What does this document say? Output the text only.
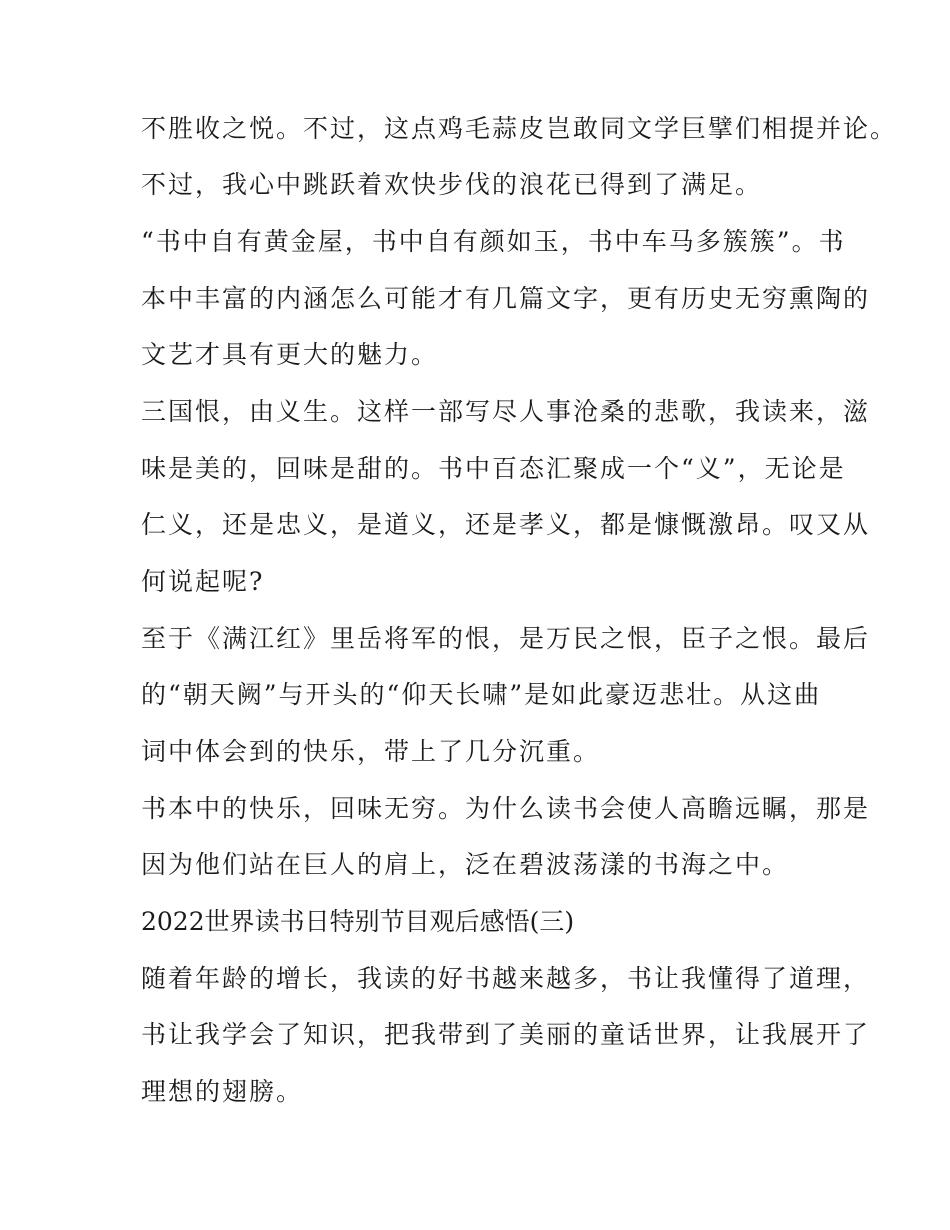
不胜收之悦。不过，这点鸡毛蒜皮岂敢同文学巨擘们相提并论。
不过，我心中跳跃着欢快步伐的浪花已得到了满足。
“书中自有黄金屋，书中自有颜如玉，书中车马多簇簇”。书
本中丰富的内涵怎么可能才有几篇文字，更有历史无穷熏陶的
文艺才具有更大的魅力。
三国恨，由义生。这样一部写尽人事沧桑的悲歌，我读来，滋
味是美的，回味是甜的。书中百态汇聚成一个“义”，无论是
仁义，还是忠义，是道义，还是孝义，都是慷慨激昂。叹又从
何说起呢?
至于《满江红》里岳将军的恨，是万民之恨，臣子之恨。最后
的“朝天阙”与开头的“仰天长啸”是如此豪迈悲壮。从这曲
词中体会到的快乐，带上了几分沉重。
书本中的快乐，回味无穷。为什么读书会使人高瞻远瞩，那是
因为他们站在巨人的肩上，泛在碧波荡漾的书海之中。
2022世界读书日特别节目观后感悟(三)
随着年龄的增长，我读的好书越来越多，书让我懂得了道理，
书让我学会了知识，把我带到了美丽的童话世界，让我展开了
理想的翅膀。
